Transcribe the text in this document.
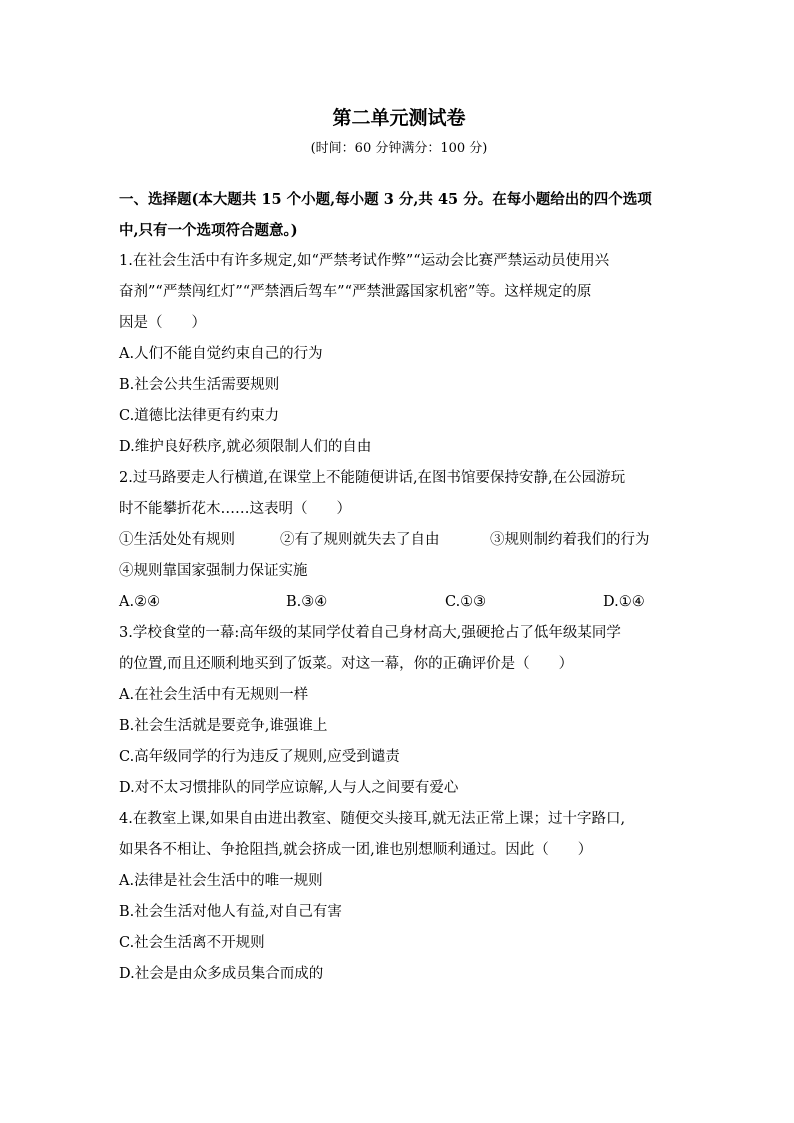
第二单元测试卷
(时间：60 分钟满分：100 分)
一、选择题(本大题共 15 个小题,每小题 3 分,共 45 分。在每小题给出的四个选项
中,只有一个选项符合题意。)
1.在社会生活中有许多规定,如“严禁考试作弊”“运动会比赛严禁运动员使用兴
奋剂”“严禁闯红灯”“严禁酒后驾车”“严禁泄露国家机密”等。这样规定的原
因是（　　）
A.人们不能自觉约束自己的行为
B.社会公共生活需要规则
C.道德比法律更有约束力
D.维护良好秩序,就必须限制人们的自由
2.过马路要走人行横道,在课堂上不能随便讲话,在图书馆要保持安静,在公园游玩
时不能攀折花木……这表明（　　）
①生活处处有规则	②有了规则就失去了自由	③规则制约着我们的行为
④规则靠国家强制力保证实施
A.②④	B.③④	C.①③	D.①④
3.学校食堂的一幕:高年级的某同学仗着自己身材高大,强硬抢占了低年级某同学
的位置,而且还顺利地买到了饭菜。对这一幕，你的正确评价是（　　）
A.在社会生活中有无规则一样
B.社会生活就是要竞争,谁强谁上
C.高年级同学的行为违反了规则,应受到谴责
D.对不太习惯排队的同学应谅解,人与人之间要有爱心
4.在教室上课,如果自由进出教室、随便交头接耳,就无法正常上课；过十字路口,
如果各不相让、争抢阻挡,就会挤成一团,谁也别想顺利通过。因此（　　）
A.法律是社会生活中的唯一规则
B.社会生活对他人有益,对自己有害
C.社会生活离不开规则
D.社会是由众多成员集合而成的
